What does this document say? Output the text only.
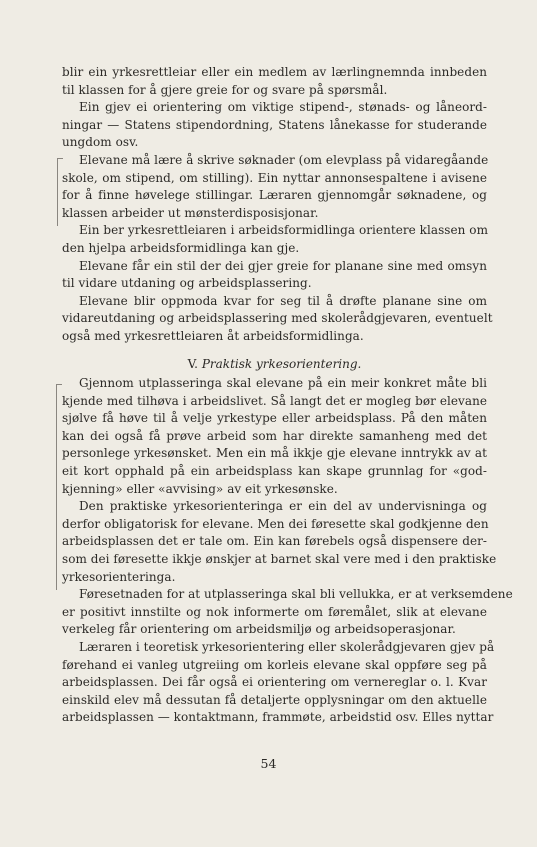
blir ein yrkesrettleiar eller ein medlem av lærlingnemnda innbeden
til klassen for å gjere greie for og svare på spørsmål.
Ein gjev ei orientering om viktige stipend-, stønads- og låneord-
ningar — Statens stipendordning, Statens lånekasse for studerande
ungdom osv.
Elevane må lære å skrive søknader (om elevplass på vidaregåande
skole, om stipend, om stilling). Ein nyttar annonsespaltene i avisene
for å finne høvelege stillingar. Læraren gjennomgår søknadene, og
klassen arbeider ut mønsterdisposisjonar.
Ein ber yrkesrettleiaren i arbeidsformidlinga orientere klassen om
den hjelpa arbeidsformidlinga kan gje.
Elevane får ein stil der dei gjer greie for planane sine med omsyn
til vidare utdaning og arbeidsplassering.
Elevane blir oppmoda kvar for seg til å drøfte planane sine om
vidareutdaning og arbeidsplassering med skolerådgjevaren, eventuelt
også med yrkesrettleiaren åt arbeidsformidlinga.
V. Praktisk yrkesorientering.
Gjennom utplasseringa skal elevane på ein meir konkret måte bli
kjende med tilhøva i arbeidslivet. Så langt det er mogleg bør elevane
sjølve få høve til å velje yrkestype eller arbeidsplass. På den måten
kan dei også få prøve arbeid som har direkte samanheng med det
personlege yrkesønsket. Men ein må ikkje gje elevane inntrykk av at
eit kort opphald på ein arbeidsplass kan skape grunnlag for «god-
kjenning» eller «avvising» av eit yrkesønske.
Den praktiske yrkesorienteringa er ein del av undervisninga og
derfor obligatorisk for elevane. Men dei føresette skal godkjenne den
arbeidsplassen det er tale om. Ein kan førebels også dispensere der-
som dei føresette ikkje ønskjer at barnet skal vere med i den praktiske
yrkesorienteringa.
Føresetnaden for at utplasseringa skal bli vellukka, er at verksemdene
er positivt innstilte og nok informerte om føremålet, slik at elevane
verkeleg får orientering om arbeidsmiljø og arbeidsoperasjonar.
Læraren i teoretisk yrkesorientering eller skolerådgjevaren gjev på
førehand ei vanleg utgreiing om korleis elevane skal oppføre seg på
arbeidsplassen. Dei får også ei orientering om vernereglar o. l. Kvar
einskild elev må dessutan få detaljerte opplysningar om den aktuelle
arbeidsplassen — kontaktmann, frammøte, arbeidstid osv. Elles nyttar
54
